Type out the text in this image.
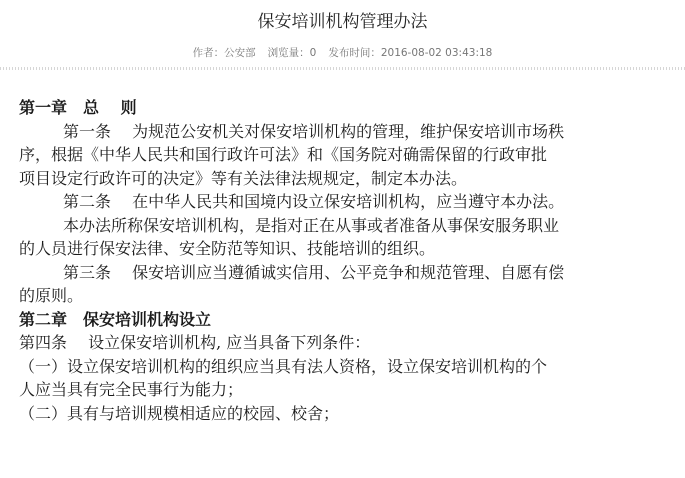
保安培训机构管理办法
作者：公安部 浏览量：0 发布时间：2016-08-02 03:43:18

第一章　总　 则

第一条　 为规范公安机关对保安培训机构的管理，维护保安培训市场秩

序，根据《中华人民共和国行政许可法》和《国务院对确需保留的行政审批

项目设定行政许可的决定》等有关法律法规规定，制定本办法。

第二条　 在中华人民共和国境内设立保安培训机构，应当遵守本办法。

本办法所称保安培训机构，是指对正在从事或者准备从事保安服务职业

的人员进行保安法律、安全防范等知识、技能培训的组织。

第三条　 保安培训应当遵循诚实信用、公平竞争和规范管理、自愿有偿

的原则。

第二章　保安培训机构设立

第四条　 设立保安培训机构, 应当具备下列条件：

（一）设立保安培训机构的组织应当具有法人资格，设立保安培训机构的个

人应当具有完全民事行为能力；

（二）具有与培训规模相适应的校园、校舍；
